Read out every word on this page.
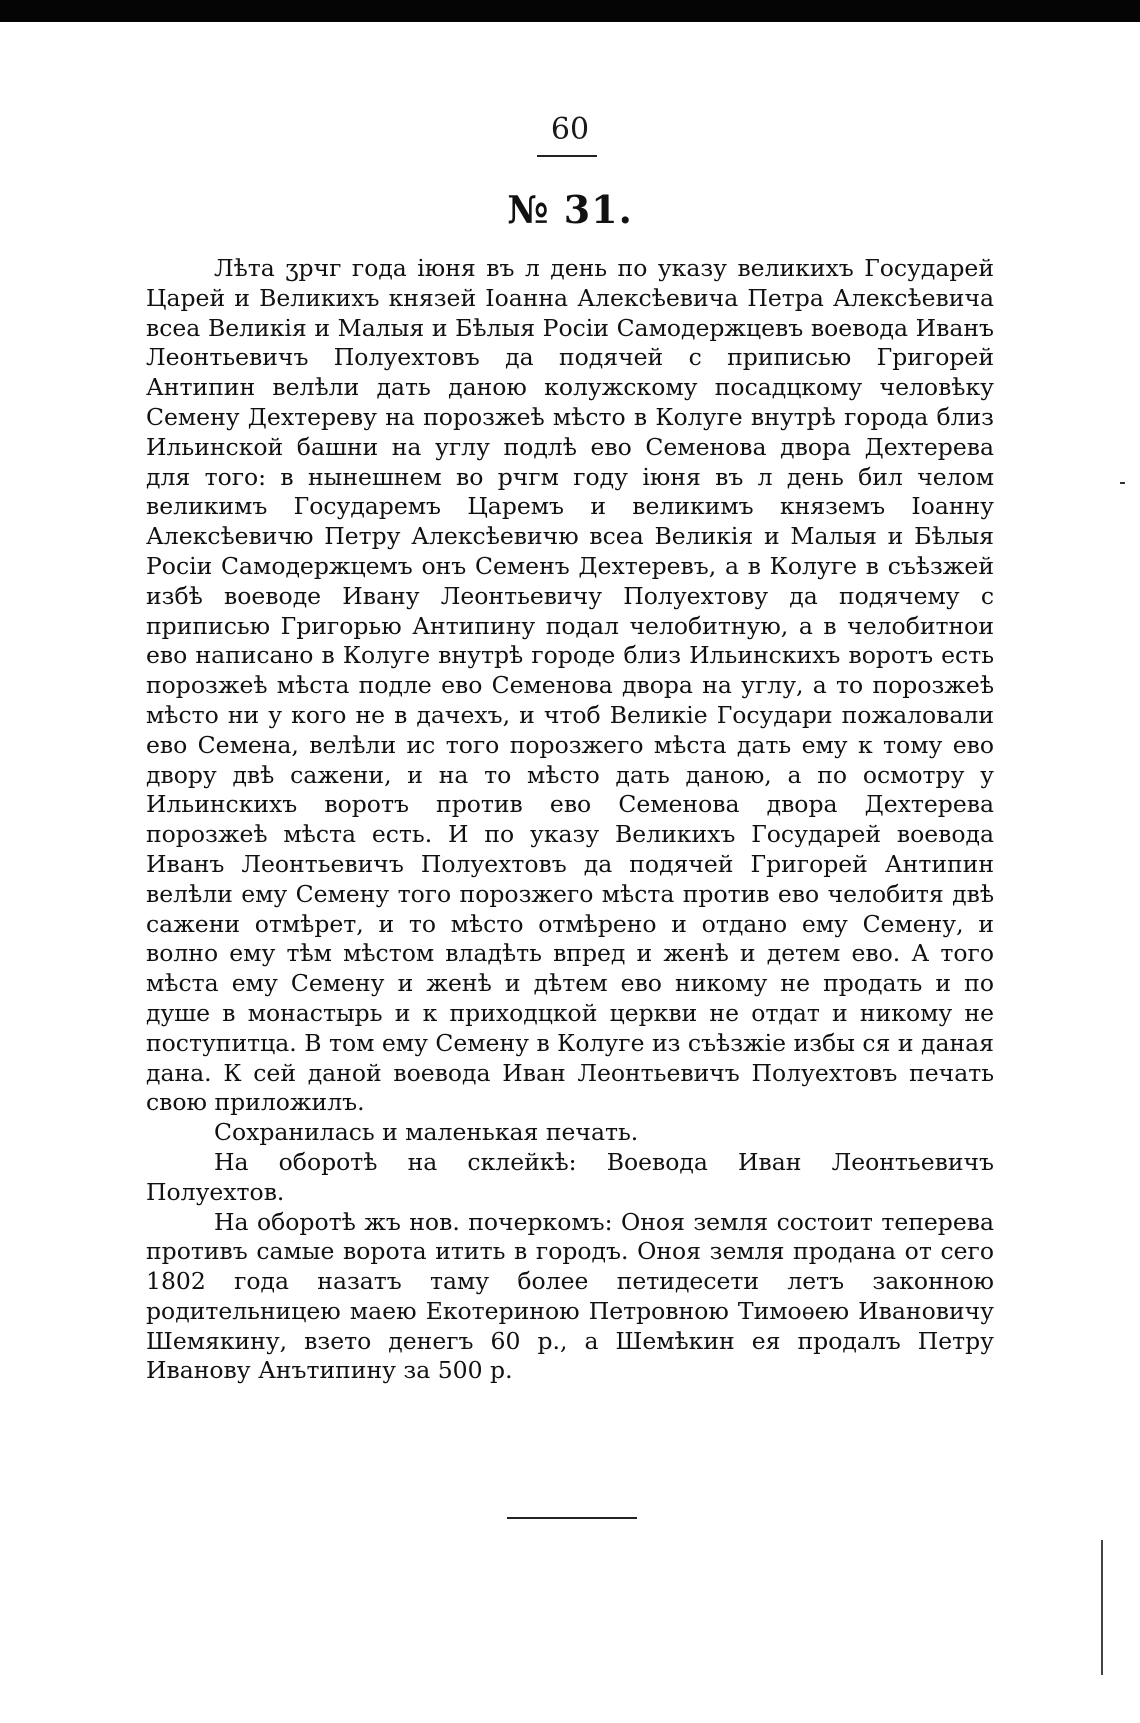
60
№ 31.

Лѣта ʒрчг года іюня въ л день по указу великихъ Государей Царей и Великихъ князей Іоанна Алексѣевича Петра Алексѣевича всеа Великія и Малыя и Бѣлыя Росіи Самодержцевъ воевода Иванъ Леонтьевичъ Полуехтовъ да подячей с приписью Григорей Антипин велѣли дать даною колужскому посадцкому человѣку Семену Дехтереву на порозжеѣ мѣсто в Колуге внутрѣ города близ Ильинской башни на углу подлѣ ево Семенова двора Дехтерева для того: в нынешнем во рчгм году іюня въ л день бил челом великимъ Государемъ Царемъ и великимъ княземъ Іоанну Алексѣевичю Петру Алексѣевичю всеа Великія и Малыя и Бѣлыя Росіи Самодержцемъ онъ Семенъ Дехтеревъ, а в Колуге в съѣзжей избѣ воеводе Ивану Леонтьевичу Полуехтову да подячему с приписью Григорью Антипину подал челобитную, а в челобитнои ево написано в Колуге внутрѣ городе близ Ильинскихъ воротъ есть порозжеѣ мѣста подле ево Семенова двора на углу, а то порозжеѣ мѣсто ни у кого не в дачехъ, и чтоб Великіе Государи пожаловали ево Семена, велѣли ис того порозжего мѣста дать ему к тому ево двору двѣ сажени, и на то мѣсто дать даною, а по осмотру у Ильинскихъ воротъ против ево Семенова двора Дехтерева порозжеѣ мѣста есть. И по указу Великихъ Государей воевода Иванъ Леонтьевичъ Полуехтовъ да подячей Григорей Антипин велѣли ему Семену того порозжего мѣста против ево челобитя двѣ сажени отмѣрет, и то мѣсто отмѣрено и отдано ему Семену, и волно ему тѣм мѣстом владѣть впред и женѣ и детем ево. А того мѣста ему Семену и женѣ и дѣтем ево никому не продать и по душе в монастырь и к приходцкой церкви не отдат и никому не поступитца. В том ему Семену в Колуге из съѣзжіе избы ся и даная дана. К сей даной воевода Иван Леонтьевичъ Полуехтовъ печать свою приложилъ.

Сохранилась и маленькая печать.

На оборотѣ на склейкѣ: Воевода Иван Леонтьевичъ Полуехтов.

На оборотѣ жъ нов. почеркомъ: Оноя земля состоит теперева противъ самые ворота итить в городъ. Оноя земля продана от сего 1802 года назатъ таму более петидесети летъ законною родительницею маею Екотериною Петровною Тимоѳею Ивановичу Шемякину, взето денегъ 60 р., а Шемѣкин ея продалъ Петру Иванову Анътипину за 500 р.
